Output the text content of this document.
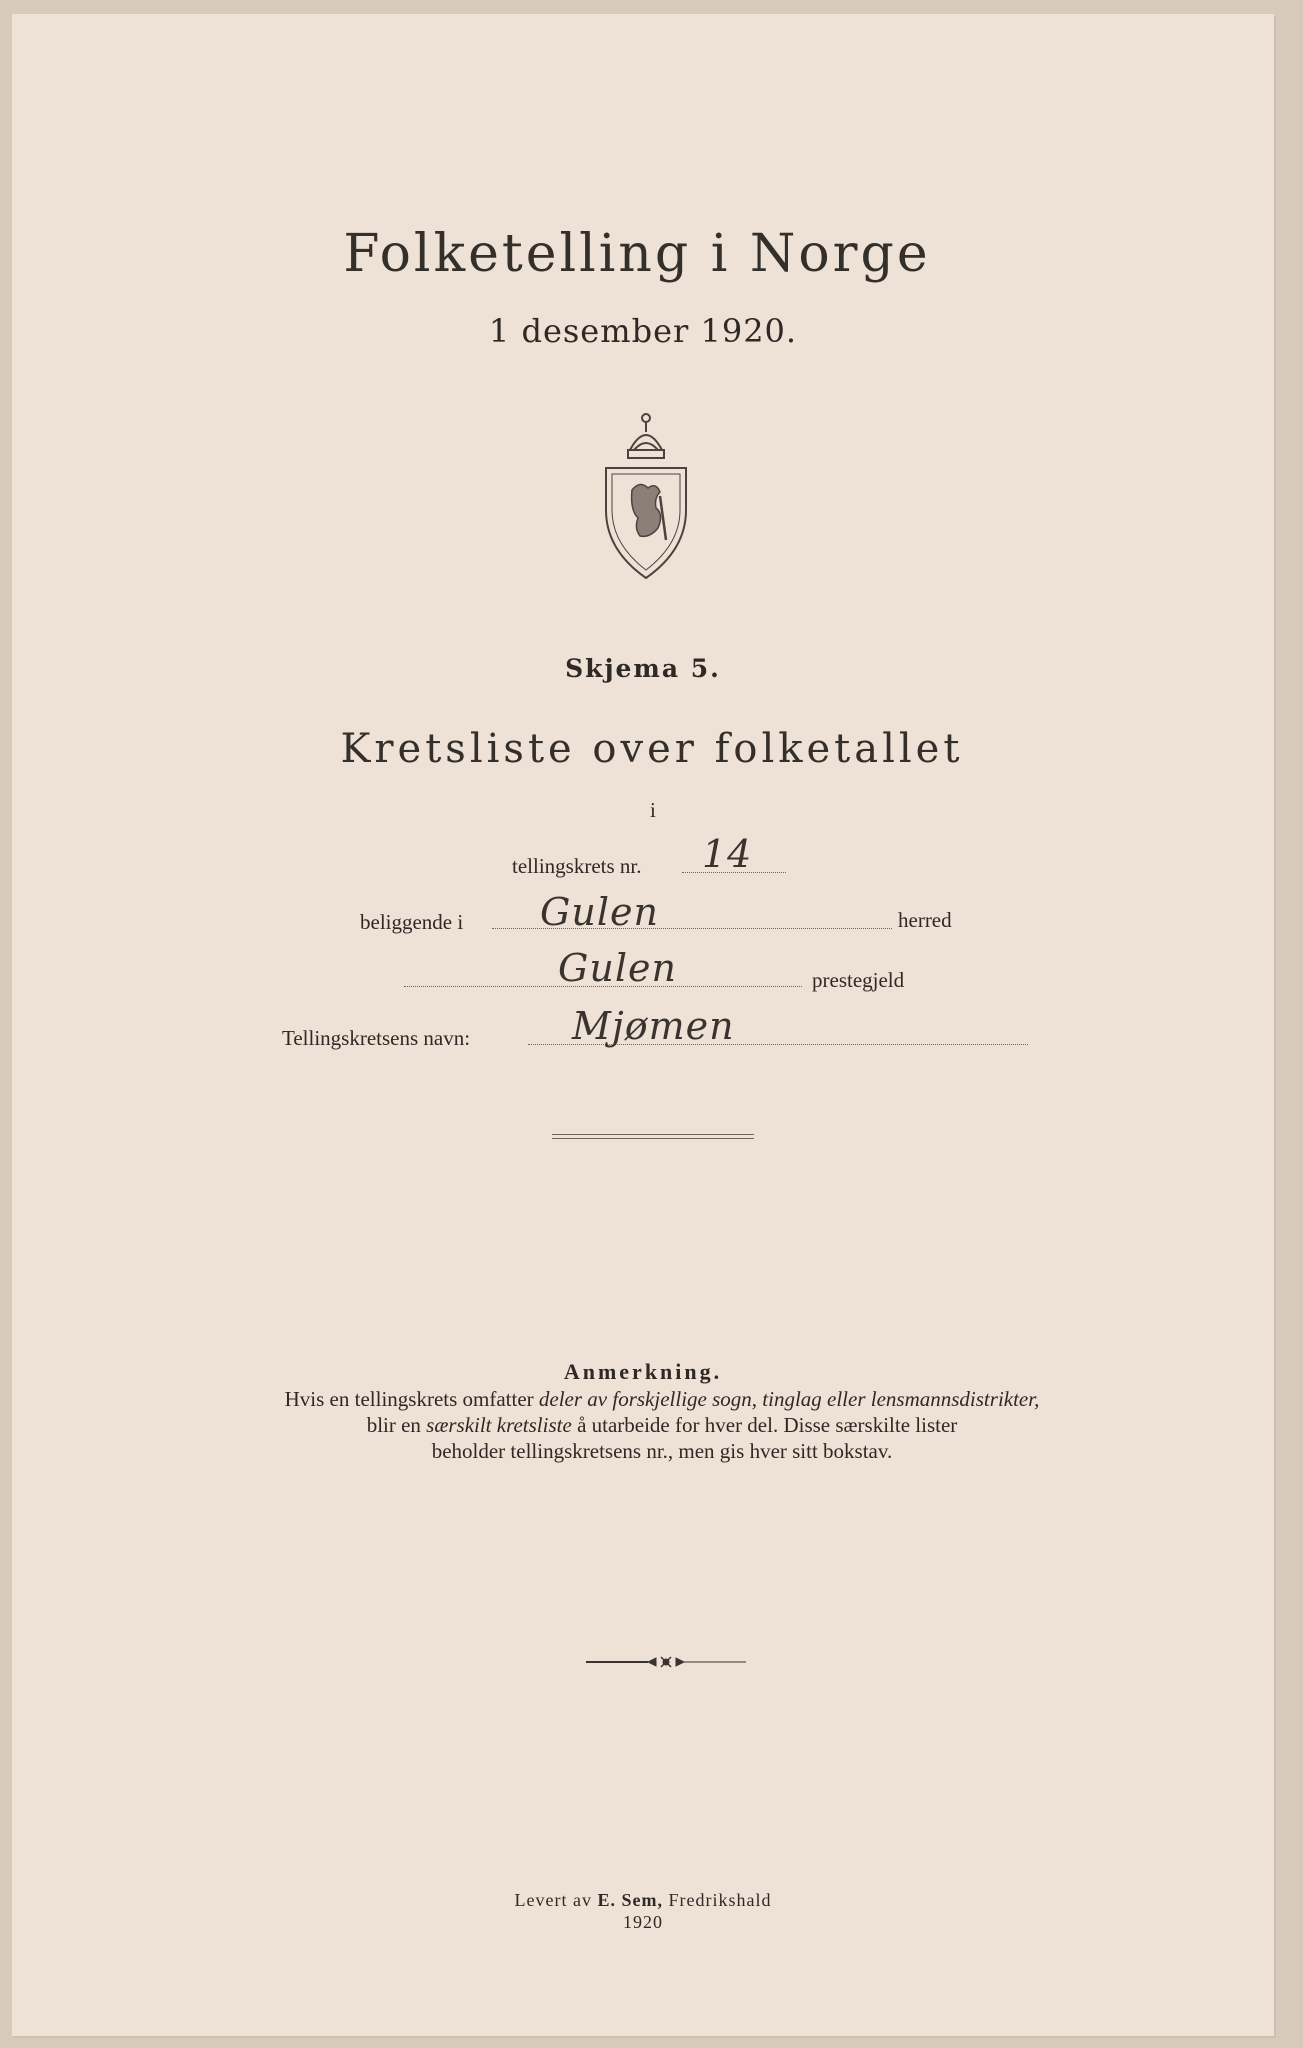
Folketelling i Norge
1 desember 1920.
Skjema 5.
Kretsliste over folketallet
i
tellingskrets nr. 14
beliggende i Gulen	herred
Gulen	prestegjeld
Tellingskretsens navn:	Mjømen
Anmerkning.
Hvis en tellingskrets omfatter deler av forskjellige sogn, tinglag eller lensmannsdistrikter,
blir en særskilt kretsliste å utarbeide for hver del. Disse særskilte lister
beholder tellingskretsens nr., men gis hver sitt bokstav.
Levert av E. Sem, Fredrikshald
1920
